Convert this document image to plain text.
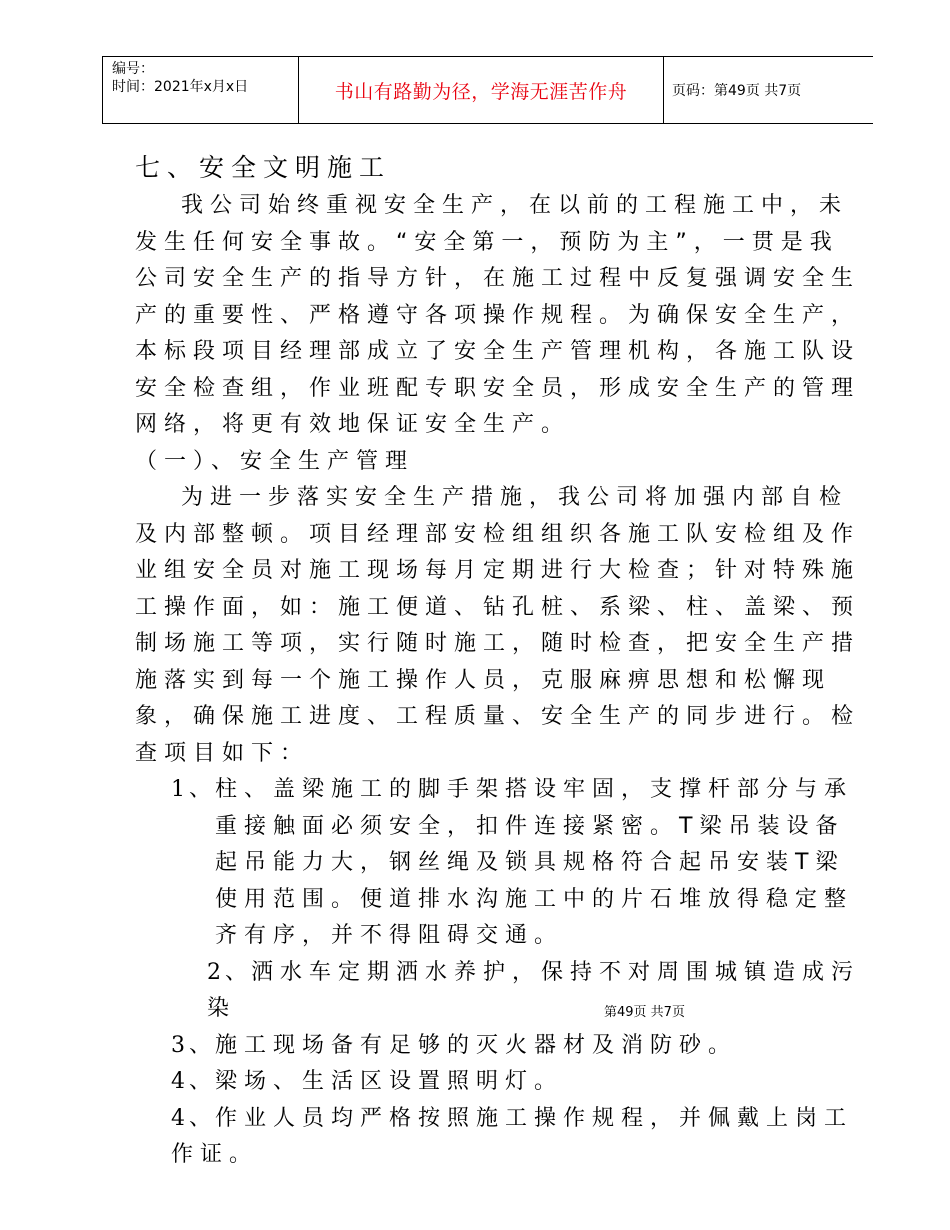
编号：
时间：2021年x月x日	书山有路勤为径，学海无涯苦作舟	页码：第49页 共7页

七、安全文明施工

我公司始终重视安全生产，在以前的工程施工中，未发生任何安全事故。“安全第一，预防为主”，一贯是我公司安全生产的指导方针，在施工过程中反复强调安全生产的重要性、严格遵守各项操作规程。为确保安全生产，本标段项目经理部成立了安全生产管理机构，各施工队设安全检查组，作业班配专职安全员，形成安全生产的管理网络，将更有效地保证安全生产。

（一）、安全生产管理

为进一步落实安全生产措施，我公司将加强内部自检及内部整顿。项目经理部安检组组织各施工队安检组及作业组安全员对施工现场每月定期进行大检查；针对特殊施工操作面，如：施工便道、钻孔桩、系梁、柱、盖梁、预制场施工等项，实行随时施工，随时检查，把安全生产措施落实到每一个施工操作人员，克服麻痹思想和松懈现象，确保施工进度、工程质量、安全生产的同步进行。检查项目如下：

1、柱、盖梁施工的脚手架搭设牢固，支撑杆部分与承重接触面必须安全，扣件连接紧密。T梁吊装设备起吊能力大，钢丝绳及锁具规格符合起吊安装T梁使用范围。便道排水沟施工中的片石堆放得稳定整齐有序，并不得阻碍交通。

2、洒水车定期洒水养护，保持不对周围城镇造成污染

3、施工现场备有足够的灭火器材及消防砂。

4、梁场、生活区设置照明灯。

4、作业人员均严格按照施工操作规程，并佩戴上岗工作证。

第49页 共7页
